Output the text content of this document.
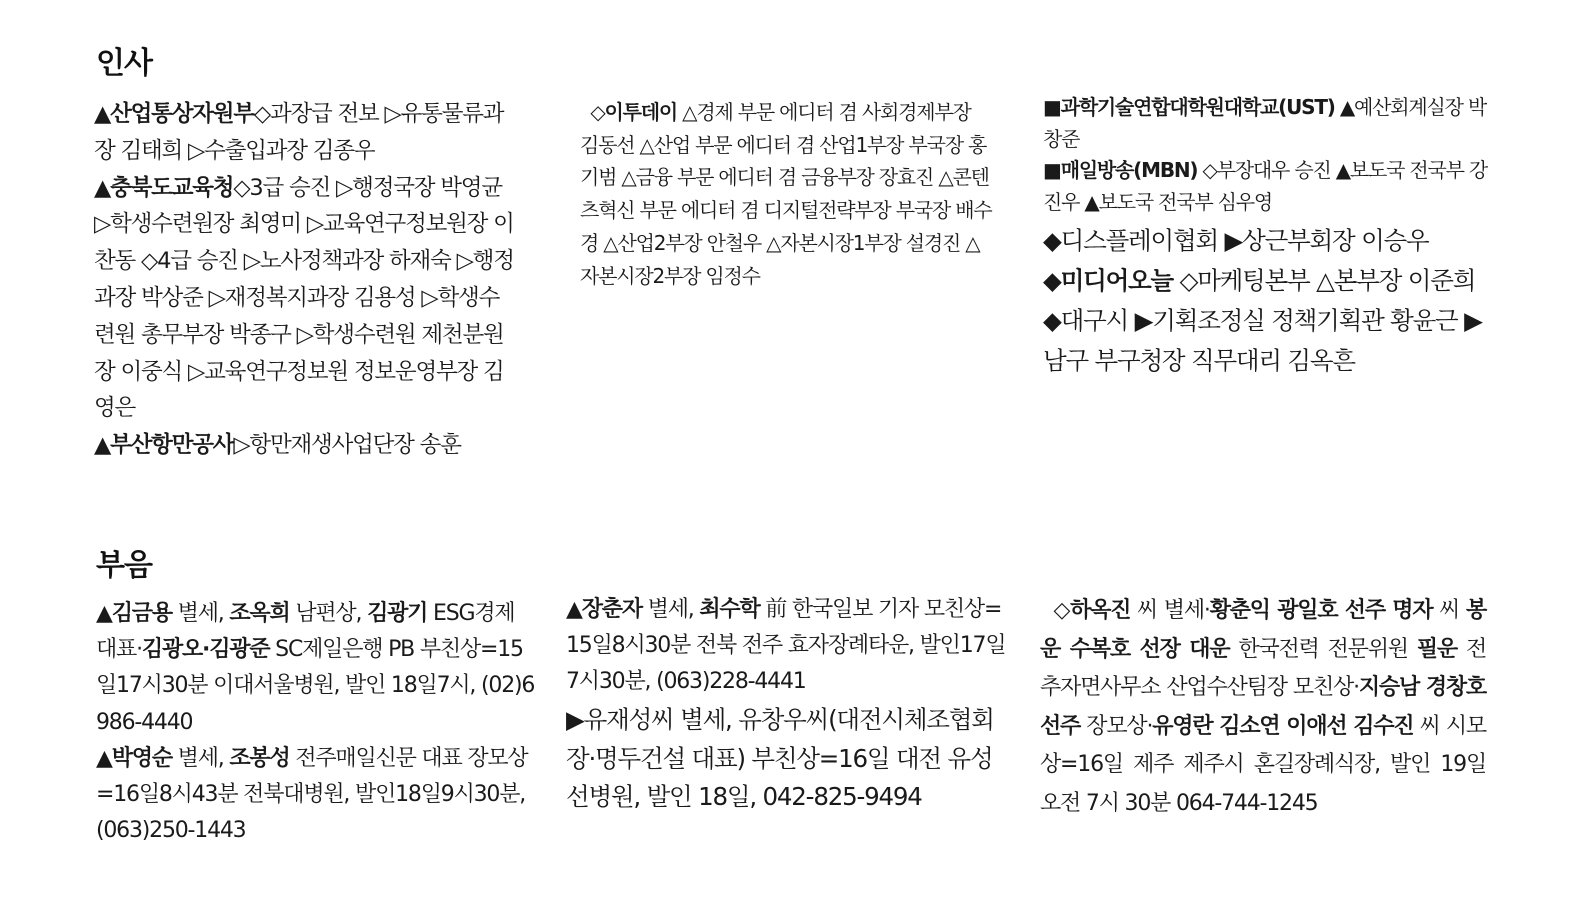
인사

▲산업통상자원부◇과장급 전보 ▷유통물류과장 김태희 ▷수출입과장 김종우

▲충북도교육청◇3급 승진 ▷행정국장 박영균 ▷학생수련원장 최영미 ▷교육연구정보원장 이찬동 ◇4급 승진 ▷노사정책과장 하재숙 ▷행정과장 박상준 ▷재정복지과장 김용성 ▷학생수련원 총무부장 박종구 ▷학생수련원 제천분원장 이중식 ▷교육연구정보원 정보운영부장 김영은

▲부산항만공사▷항만재생사업단장 송훈

◇이투데이 △경제 부문 에디터 겸 사회경제부장 김동선 △산업 부문 에디터 겸 산업1부장 부국장 홍기범 △금융 부문 에디터 겸 금융부장 장효진 △콘텐츠혁신 부문 에디터 겸 디지털전략부장 부국장 배수경 △산업2부장 안철우 △자본시장1부장 설경진 △자본시장2부장 임정수

■과학기술연합대학원대학교(UST) ▲예산회계실장 박창준

■매일방송(MBN) ◇부장대우 승진 ▲보도국 전국부 강진우 ▲보도국 전국부 심우영

◆디스플레이협회 ▶상근부회장 이승우

◆미디어오늘 ◇마케팅본부 △본부장 이준희

◆대구시 ▶기획조정실 정책기획관 황윤근 ▶남구 부구청장 직무대리 김옥흔

부음

▲김금용 별세, 조옥희 남편상, 김광기 ESG경제 대표·김광오·김광준 SC제일은행 PB 부친상=15일17시30분 이대서울병원, 발인 18일7시, (02)6986-4440

▲박영순 별세, 조봉성 전주매일신문 대표 장모상=16일8시43분 전북대병원, 발인18일9시30분, (063)250-1443

▲장춘자 별세, 최수학 前 한국일보 기자 모친상=15일8시30분 전북 전주 효자장례타운, 발인17일7시30분, (063)228-4441

▶유재성씨 별세, 유창우씨(대전시체조협회장·명두건설 대표) 부친상=16일 대전 유성선병원, 발인 18일, 042-825-9494

◇하옥진 씨 별세·황춘익 광일호 선주 명자 씨 봉운 수복호 선장 대운 한국전력 전문위원 필운 전 추자면사무소 산업수산팀장 모친상·지승남 경창호 선주 장모상·유영란 김소연 이애선 김수진 씨 시모상=16일 제주 제주시 혼길장례식장, 발인 19일 오전 7시 30분 064-744-1245
